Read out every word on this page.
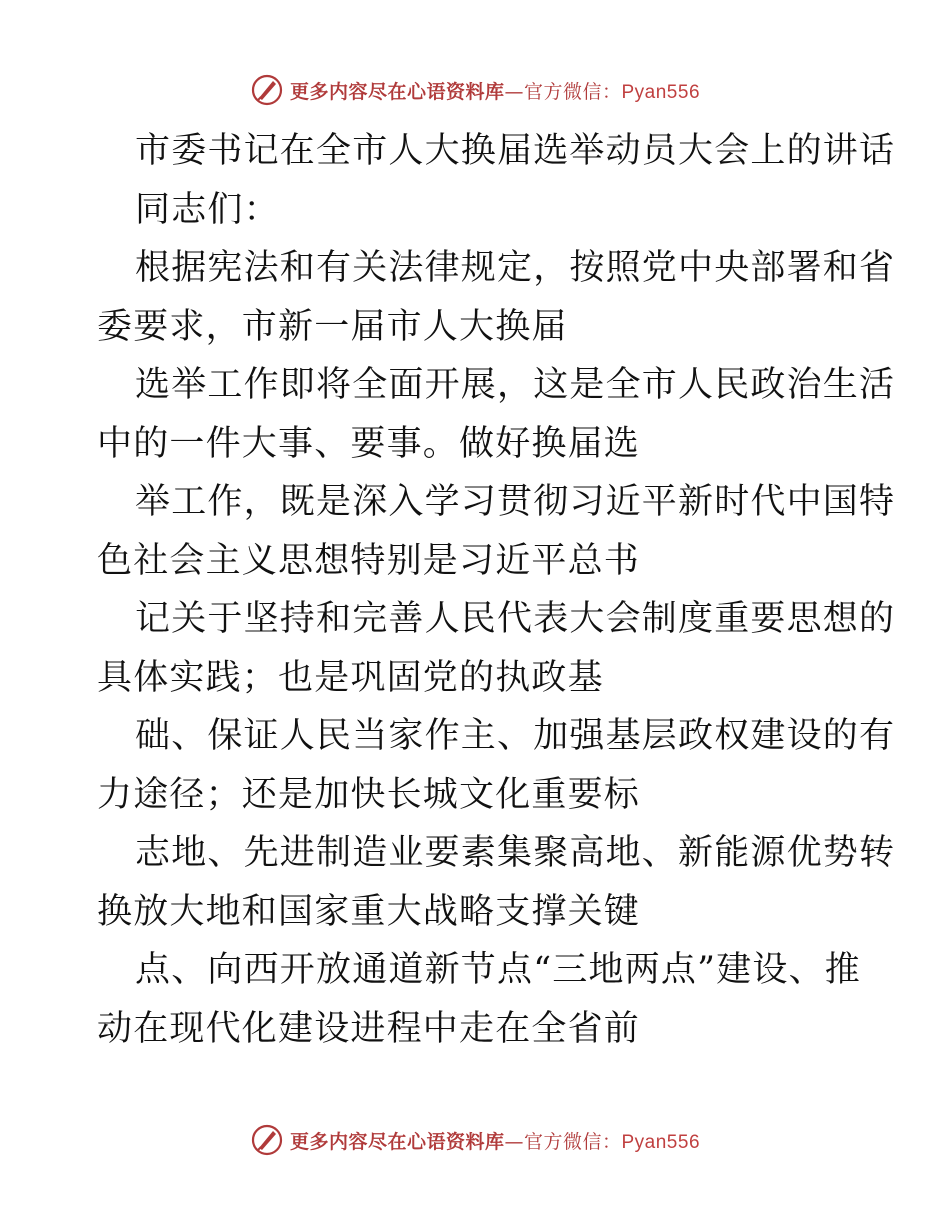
更多内容尽在心语资料库—官方微信：Pyan556
市委书记在全市人大换届选举动员大会上的讲话
同志们：
根据宪法和有关法律规定，按照党中央部署和省
委要求，市新一届市人大换届
选举工作即将全面开展，这是全市人民政治生活
中的一件大事、要事。做好换届选
举工作，既是深入学习贯彻习近平新时代中国特
色社会主义思想特别是习近平总书
记关于坚持和完善人民代表大会制度重要思想的
具体实践；也是巩固党的执政基
础、保证人民当家作主、加强基层政权建设的有
力途径；还是加快长城文化重要标
志地、先进制造业要素集聚高地、新能源优势转
换放大地和国家重大战略支撑关键
点、向西开放通道新节点“三地两点”建设、推
动在现代化建设进程中走在全省前
更多内容尽在心语资料库—官方微信：Pyan556
